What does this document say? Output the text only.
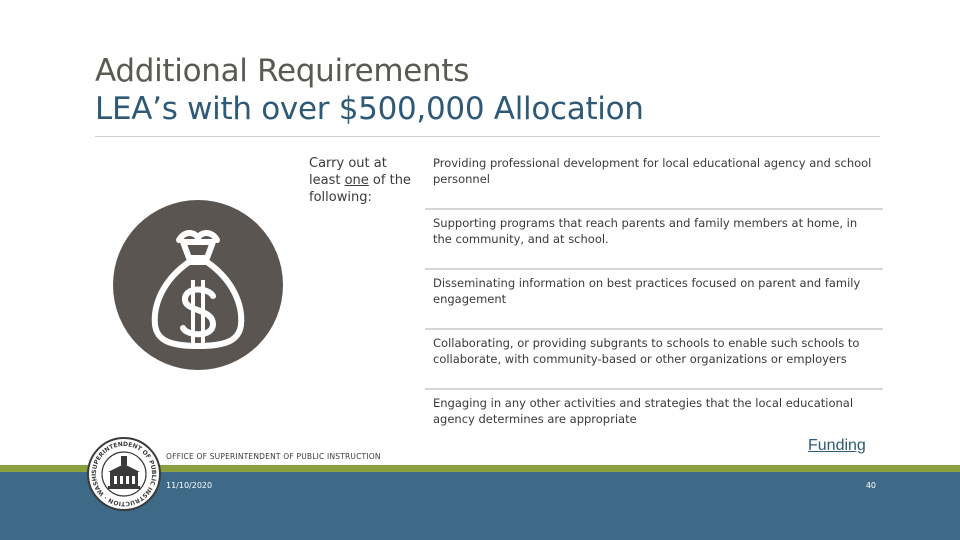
Additional Requirements
LEA’s with over $500,000 Allocation
Carry out at least one of the following:
Providing professional development for local educational agency and school personnel
Supporting programs that reach parents and family members at home, in the community, and at school.
Disseminating information on best practices focused on parent and family engagement
Collaborating, or providing subgrants to schools to enable such schools to collaborate, with community-based or other organizations or employers
Engaging in any other activities and strategies that the local educational agency determines are appropriate
OFFICE OF SUPERINTENDENT OF PUBLIC INSTRUCTION
11/10/2020	40
Funding
SUPERINTENDENT OF PUBLIC INSTRUCTION · WASHI
